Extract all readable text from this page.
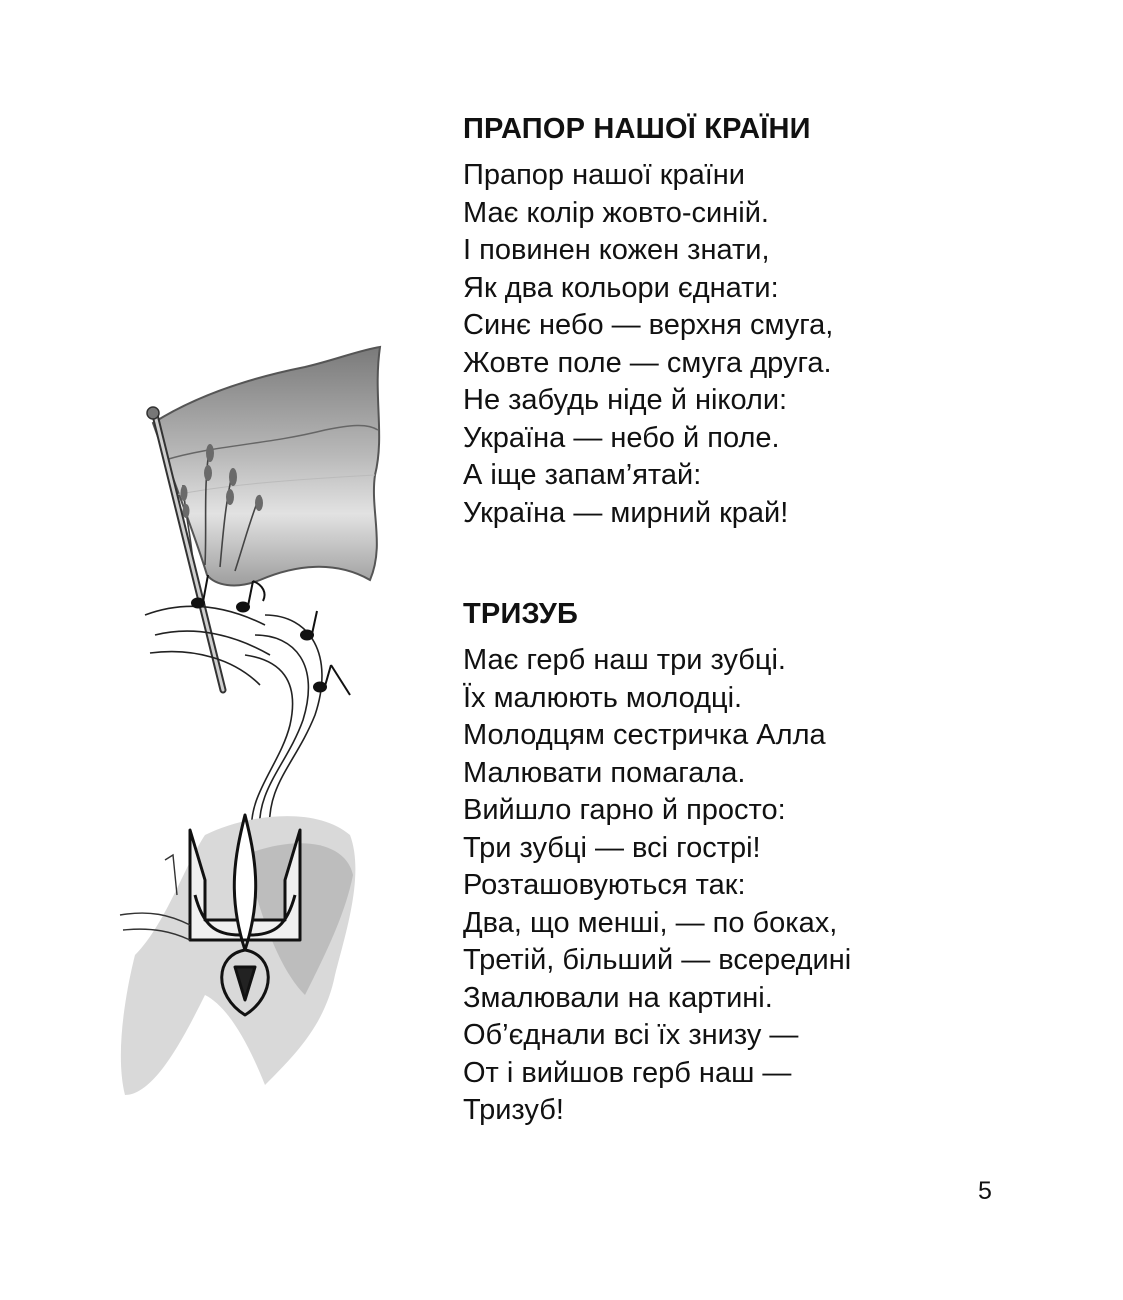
ПРАПОР НАШОЇ КРАЇНИ
Прапор нашої країни
Має колір жовто-синій.
І повинен кожен знати,
Як два кольори єднати:
Синє небо — верхня смуга,
Жовте поле — смуга друга.
Не забудь ніде й ніколи:
Україна — небо й поле.
А іще запам’ятай:
Україна — мирний край!
ТРИЗУБ
Має герб наш три зубці.
Їх малюють молодці.
Молодцям сестричка Алла
Малювати помагала.
Вийшло гарно й просто:
Три зубці — всі гострі!
Розташовуються так:
Два, що менші, — по боках,
Третій, більший — всередині
Змалювали на картині.
Об’єднали всі їх знизу —
От і вийшов герб наш —
Тризуб!
5
